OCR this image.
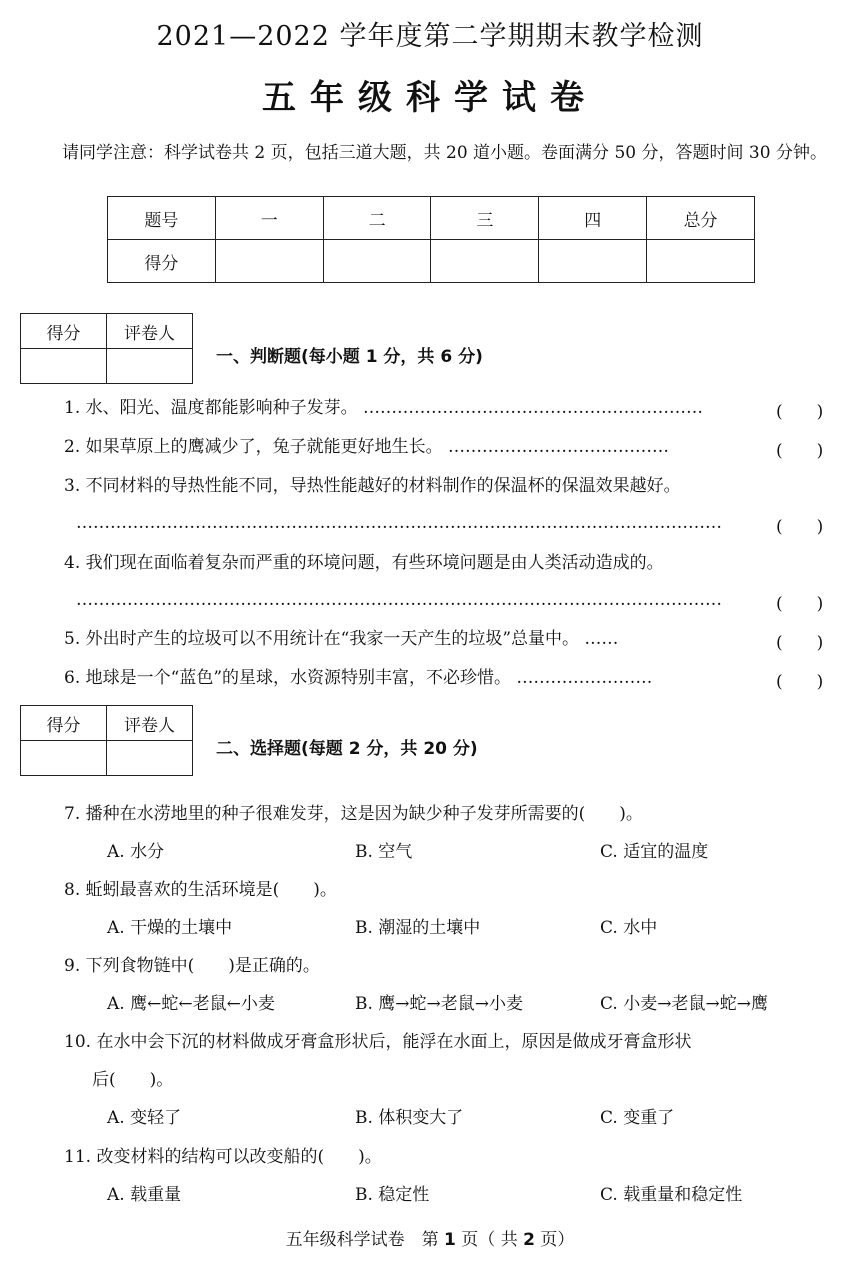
2021—2022 学年度第二学期期末教学检测
五年级科学试卷
请同学注意：科学试卷共 2 页，包括三道大题，共 20 道小题。卷面满分 50 分，答题时间 30 分钟。
题号	一	二	三	四	总分
得分					
得分	评卷人

一、判断题(每小题 1 分，共 6 分)
1. 水、阳光、温度都能影响种子发芽。 ……………………………………………………	(　　)
2. 如果草原上的鹰减少了，兔子就能更好地生长。 …………………………………	(　　)
3. 不同材料的导热性能不同，导热性能越好的材料制作的保温杯的保温效果越好。
……………………………………………………………………………………………………	(　　)
4. 我们现在面临着复杂而严重的环境问题，有些环境问题是由人类活动造成的。
……………………………………………………………………………………………………	(　　)
5. 外出时产生的垃圾可以不用统计在“我家一天产生的垃圾”总量中。 ……	(　　)
6. 地球是一个“蓝色”的星球，水资源特别丰富，不必珍惜。 ……………………	(　　)
得分	评卷人

二、选择题(每题 2 分，共 20 分)
7. 播种在水涝地里的种子很难发芽，这是因为缺少种子发芽所需要的(　　)。
A. 水分	B. 空气	C. 适宜的温度
8. 蚯蚓最喜欢的生活环境是(　　)。
A. 干燥的土壤中	B. 潮湿的土壤中	C. 水中
9. 下列食物链中(　　)是正确的。
A. 鹰←蛇←老鼠←小麦	B. 鹰→蛇→老鼠→小麦	C. 小麦→老鼠→蛇→鹰
10. 在水中会下沉的材料做成牙膏盒形状后，能浮在水面上，原因是做成牙膏盒形状
后(　　)。
A. 变轻了	B. 体积变大了	C. 变重了
11. 改变材料的结构可以改变船的(　　)。
A. 载重量	B. 稳定性	C. 载重量和稳定性
五年级科学试卷　第 1 页（ 共 2 页）
